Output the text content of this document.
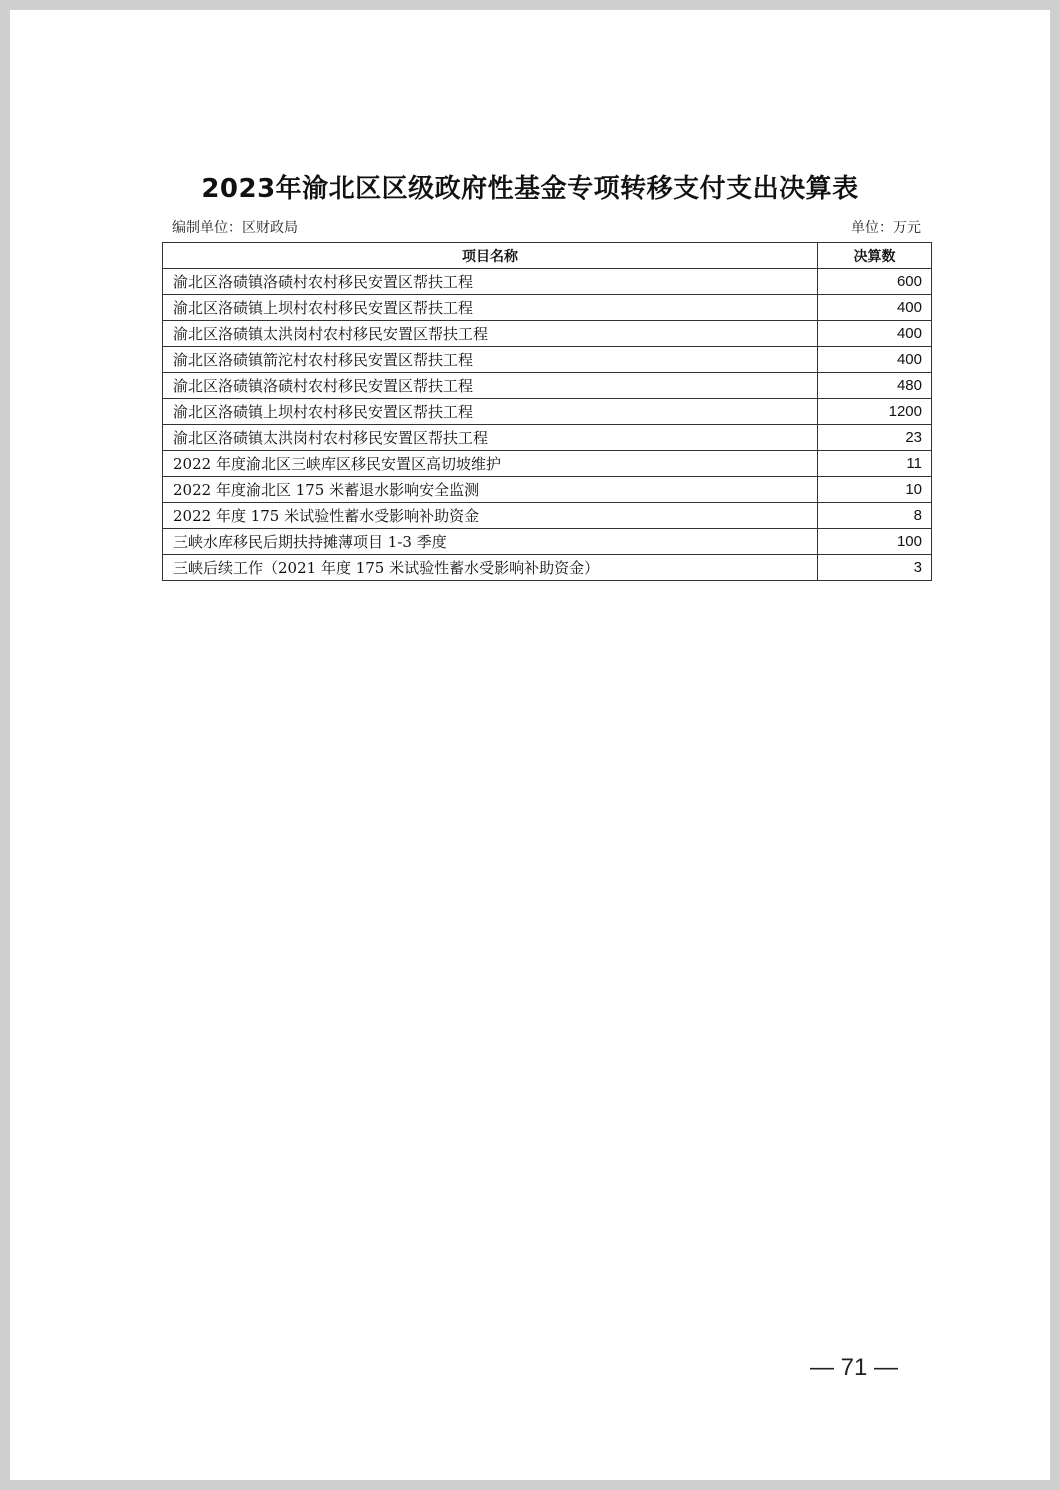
2023年渝北区区级政府性基金专项转移支付支出决算表
编制单位：区财政局	单位：万元
项目名称	决算数
渝北区洛碛镇洛碛村农村移民安置区帮扶工程	600
渝北区洛碛镇上坝村农村移民安置区帮扶工程	400
渝北区洛碛镇太洪岗村农村移民安置区帮扶工程	400
渝北区洛碛镇箭沱村农村移民安置区帮扶工程	400
渝北区洛碛镇洛碛村农村移民安置区帮扶工程	480
渝北区洛碛镇上坝村农村移民安置区帮扶工程	1200
渝北区洛碛镇太洪岗村农村移民安置区帮扶工程	23
2022 年度渝北区三峡库区移民安置区高切坡维护	11
2022 年度渝北区 175 米蓄退水影响安全监测	10
2022 年度 175 米试验性蓄水受影响补助资金	8
三峡水库移民后期扶持摊薄项目 1-3 季度	100
三峡后续工作（2021 年度 175 米试验性蓄水受影响补助资金）	3
— 71 —
